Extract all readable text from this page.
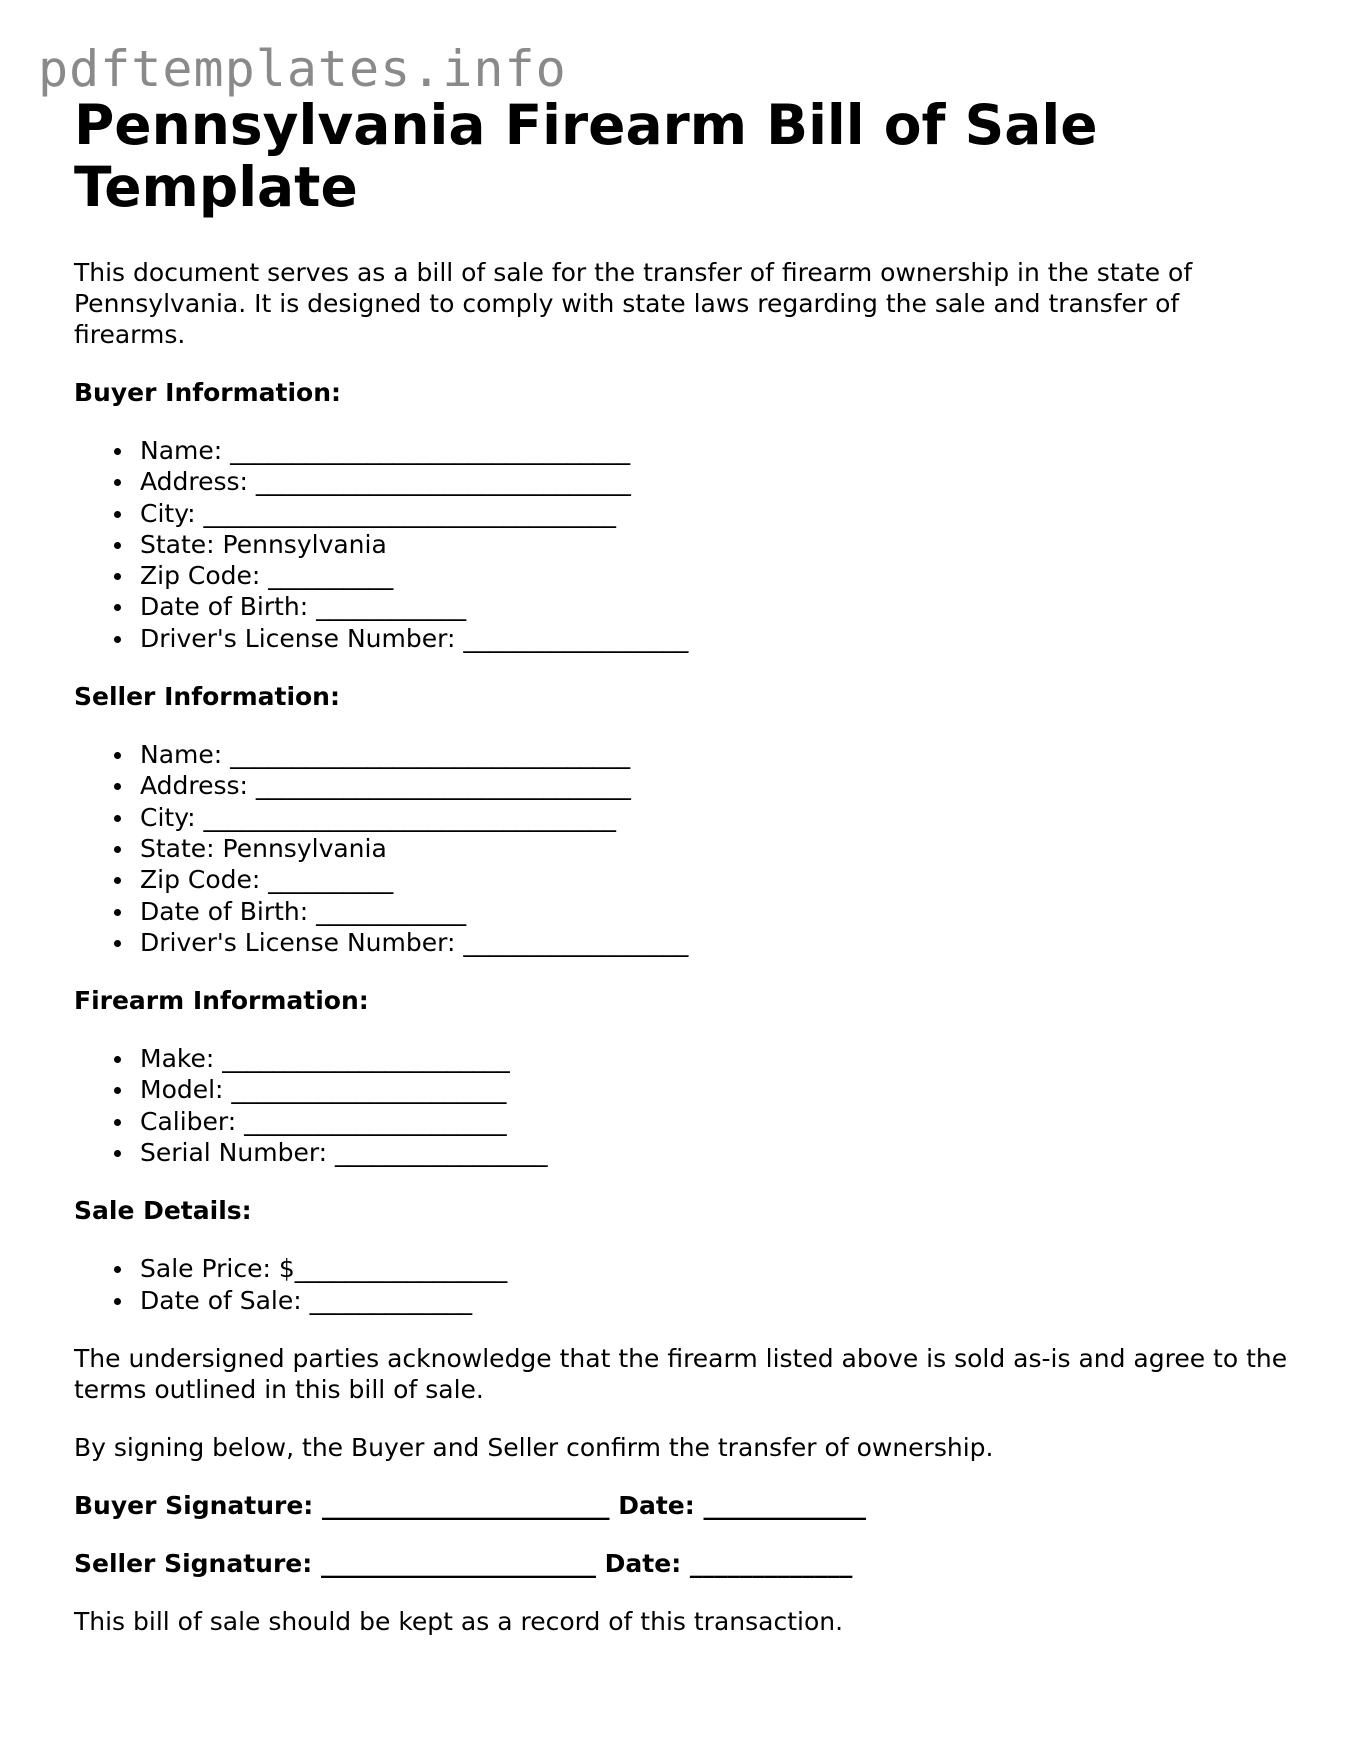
pdftemplates.info
Pennsylvania Firearm Bill of Sale Template

This document serves as a bill of sale for the transfer of firearm ownership in the state of Pennsylvania. It is designed to comply with state laws regarding the sale and transfer of firearms.

Buyer Information:

Name: ________________________________
Address: ______________________________
City: _________________________________
State: Pennsylvania
Zip Code: __________
Date of Birth: ____________
Driver's License Number: __________________

Seller Information:

Name: ________________________________
Address: ______________________________
City: _________________________________
State: Pennsylvania
Zip Code: __________
Date of Birth: ____________
Driver's License Number: __________________

Firearm Information:

Make: _______________________
Model: ______________________
Caliber: _____________________
Serial Number: _________________

Sale Details:

Sale Price: $_________________
Date of Sale: _____________

The undersigned parties acknowledge that the firearm listed above is sold as-is and agree to the terms outlined in this bill of sale.

By signing below, the Buyer and Seller confirm the transfer of ownership.

Buyer Signature: _______________________ Date: _____________

Seller Signature: ______________________ Date: _____________

This bill of sale should be kept as a record of this transaction.
